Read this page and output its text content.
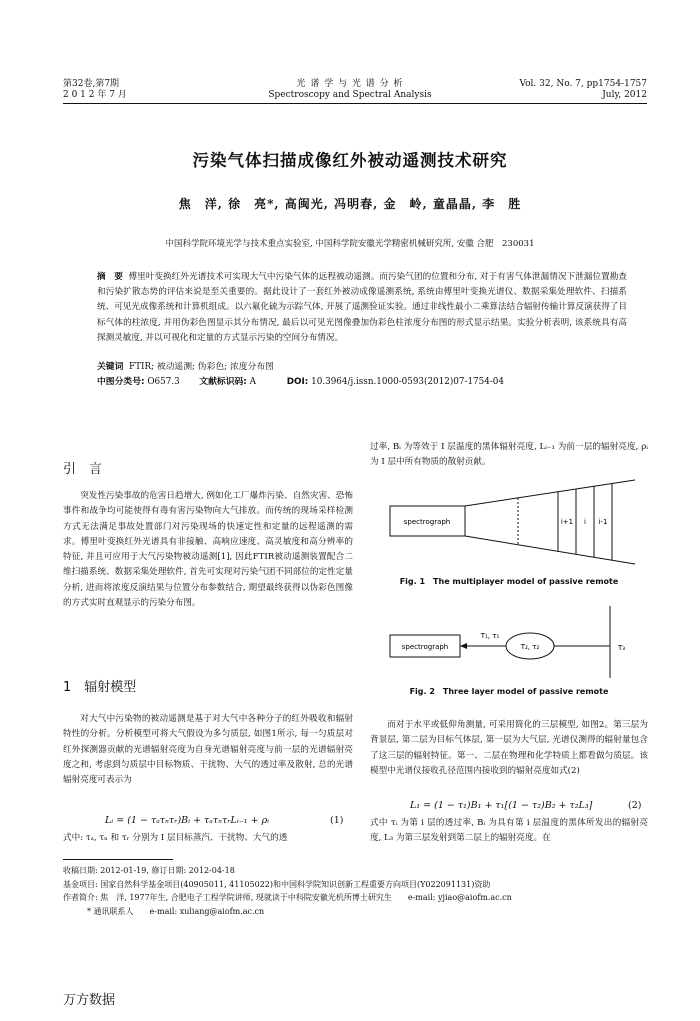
第32卷,第7期
2 0 1 2 年 7 月
光 谱 学 与 光 谱 分 析
Spectroscopy and Spectral Analysis
Vol. 32, No. 7, pp1754-1757
July, 2012
污染气体扫描成像红外被动遥测技术研究
焦　洋, 徐　亮*, 高闽光, 冯明春, 金　岭, 童晶晶, 李　胜
中国科学院环境光学与技术重点实验室, 中国科学院安徽光学精密机械研究所, 安徽 合肥　230031
摘　要 傅里叶变换红外光谱技术可实现大气中污染气体的远程被动遥测。而污染气团的位置和分布, 对于有害气体泄漏情况下泄漏位置勘查和污染扩散态势的评估来说是至关重要的。据此设计了一套红外被动成像遥测系统, 系统由傅里叶变换光谱仪、数据采集处理软件、扫描系统、可见光成像系统和计算机组成。以六氟化硫为示踪气体, 开展了遥测验证实验。通过非线性最小二乘算法结合辐射传输计算反演获得了目标气体的柱浓度, 并用伪彩色图显示其分布情况, 最后以可见光图像叠加伪彩色柱浓度分布图的形式显示结果。实验分析表明, 该系统具有高探测灵敏度, 并以可视化和定量的方式显示污染的空间分布情况。
关键词 FTIR; 被动遥测; 伪彩色; 浓度分布图
中图分类号: O657.3 文献标识码: A	DOI: 10.3964/j.issn.1000-0593(2012)07-1754-04
引　言
突发性污染事故的危害日趋增大, 例如化工厂爆炸污染、自然灾害、恐怖事件和战争均可能使得有毒有害污染物向大气排放。而传统的现场采样检测方式无法满足事故处置部门对污染现场的快速定性和定量的远程遥测的需求。傅里叶变换红外光谱具有非接触、高响应速度、高灵敏度和高分辨率的特征, 并且可应用于大气污染物被动遥测[1], 因此FTIR被动遥测装置配合二维扫描系统、数据采集处理软件, 首先可实现对污染气团不同部位的定性定量分析, 进而将浓度反演结果与位置分布参数结合, 期望最终获得以伪彩色图像的方式实时直观显示的污染分布图。
1　辐射模型
对大气中污染物的被动遥测是基于对大气中各种分子的红外吸收和辐射特性的分析。分析模型可将大气假设为多匀质层, 如图1所示, 每一匀质层对红外探测器贡献的光谱辐射亮度为自身光谱辐射亮度与前一层的光谱辐射亮度之和, 考虑到匀质层中目标物质、干扰物、大气的透过率及散射, 总的光谱辐射亮度可表示为
Lᵢ = (1 − τₐτₙτᵣ)Bᵢ + τₐτₙτᵣLᵢ₋₁ + ρᵢ	(1)
式中: τₐ, τₙ 和 τᵣ 分别为 I 层目标蒸汽、干扰物、大气的透
过率, Bᵢ 为等效于 I 层温度的黑体辐射亮度, Lᵢ₋₁ 为前一层的辐射亮度, ρᵢ 为 I 层中所有物质的散射贡献。
spectrograph	i+1 i i-1
Fig. 1　The multiplayer model of passive remote
spectrograph	T₂, τ₂
T₁, τ₁
T₃
Fig. 2　Three layer model of passive remote
而对于水平或低仰角测量, 可采用简化的三层模型, 如图2。第三层为背景层, 第二层为目标气体层, 第一层为大气层, 光谱仪测得的辐射量包含了这三层的辐射特征。第一、二层在物理和化学特质上都看做匀质层。该模型中光谱仪接收孔径范围内接收到的辐射亮度如式(2)
L₁ = (1 − τ₁)B₁ + τ₁[(1 − τ₂)B₂ + τ₂L₃]	(2)
式中 τᵢ 为第 i 层的透过率, Bᵢ 为具有第 i 层温度的黑体所发出的辐射亮度, L₃ 为第三层发射到第二层上的辐射亮度。在
收稿日期: 2012-01-19, 修订日期: 2012-04-18
基金项目: 国家自然科学基金项目(40905011, 41105022)和中国科学院知识创新工程重要方向项目(Y022091131)资助
作者简介: 焦　洋, 1977年生, 合肥电子工程学院讲师, 现就读于中科院安徽光机所博士研究生　　e-mail: yjiao@aiofm.ac.cn
* 通讯联系人　　e-mail: xuliang@aiofm.ac.cn
万方数据
